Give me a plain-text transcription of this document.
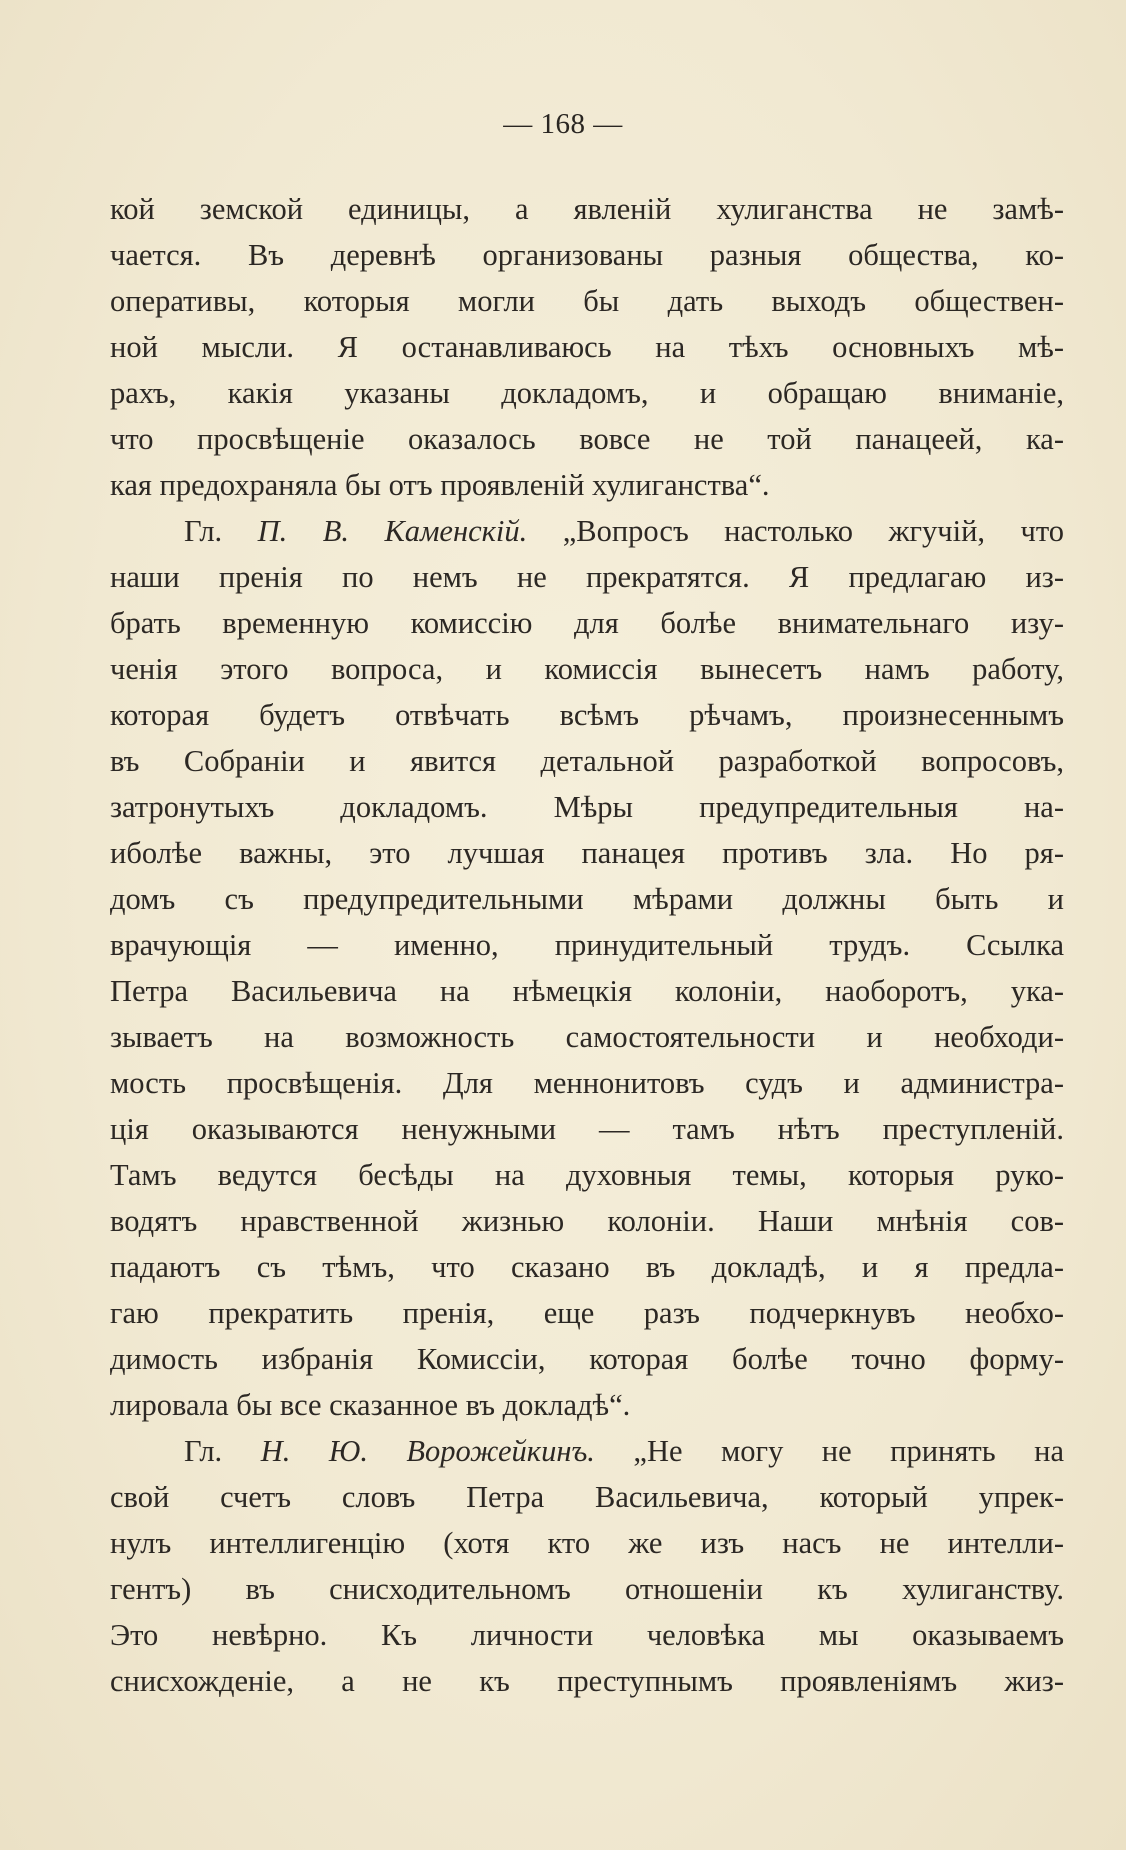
— 168 —
кой земской единицы, а явленій хулиганства не замѣ-
чается. Въ деревнѣ организованы разныя общества, ко-
оперативы, которыя могли бы дать выходъ обществен-
ной мысли. Я останавливаюсь на тѣхъ основныхъ мѣ-
рахъ, какія указаны докладомъ, и обращаю вниманіе,
что просвѣщеніе оказалось вовсе не той панацеей, ка-
кая предохраняла бы отъ проявленій хулиганства“.
Гл. П. В. Каменскій. „Вопросъ настолько жгучій, что
наши пренія по немъ не прекратятся. Я предлагаю из-
брать временную комиссію для болѣе внимательнаго изу-
ченія этого вопроса, и комиссія вынесетъ намъ работу,
которая будетъ отвѣчать всѣмъ рѣчамъ, произнесеннымъ
въ Собраніи и явится детальной разработкой вопросовъ,
затронутыхъ докладомъ. Мѣры предупредительныя на-
иболѣе важны, это лучшая панацея противъ зла. Но ря-
домъ съ предупредительными мѣрами должны быть и
врачующія — именно, принудительный трудъ. Ссылка
Петра Васильевича на нѣмецкія колоніи, наоборотъ, ука-
зываетъ на возможность самостоятельности и необходи-
мость просвѣщенія. Для меннонитовъ судъ и администра-
ція оказываются ненужными — тамъ нѣтъ преступленій.
Тамъ ведутся бесѣды на духовныя темы, которыя руко-
водятъ нравственной жизнью колоніи. Наши мнѣнія сов-
падаютъ съ тѣмъ, что сказано въ докладѣ, и я предла-
гаю прекратить пренія, еще разъ подчеркнувъ необхо-
димость избранія Комиссіи, которая болѣе точно форму-
лировала бы все сказанное въ докладѣ“.
Гл. Н. Ю. Ворожейкинъ. „Не могу не принять на
свой счетъ словъ Петра Васильевича, который упрек-
нулъ интеллигенцію (хотя кто же изъ насъ не интелли-
гентъ) въ снисходительномъ отношеніи къ хулиганству.
Это невѣрно. Къ личности человѣка мы оказываемъ
снисхожденіе, а не къ преступнымъ проявленіямъ жиз-
